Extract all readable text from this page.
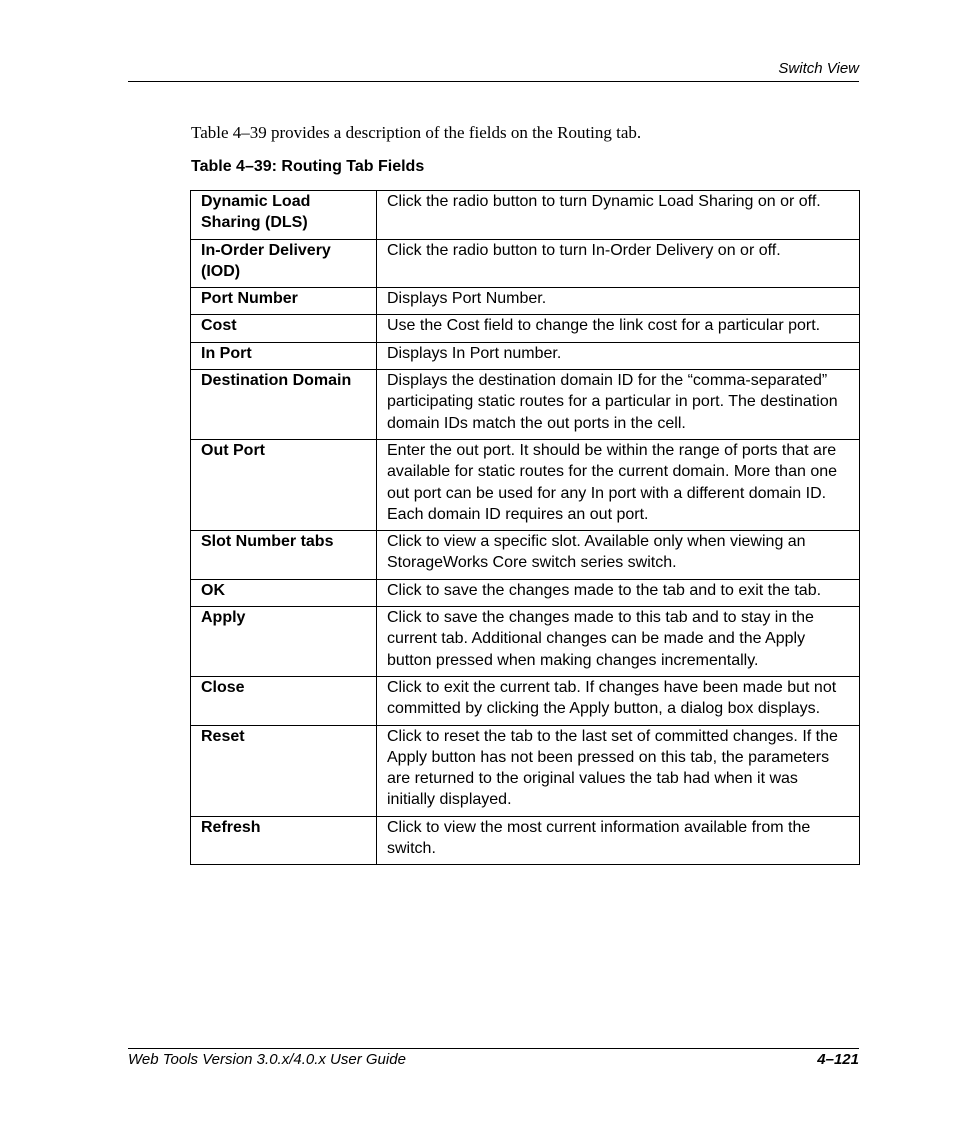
Switch View

Table 4–39 provides a description of the fields on the Routing tab.

Table 4–39: Routing Tab Fields
Dynamic Load Sharing (DLS)	Click the radio button to turn Dynamic Load Sharing on or off.
In-Order Delivery (IOD)	Click the radio button to turn In-Order Delivery on or off.
Port Number	Displays Port Number.
Cost	Use the Cost field to change the link cost for a particular port.
In Port	Displays In Port number.
Destination Domain	Displays the destination domain ID for the “comma-separated” participating static routes for a particular in port. The destination domain IDs match the out ports in the cell.
Out Port	Enter the out port. It should be within the range of ports that are available for static routes for the current domain. More than one out port can be used for any In port with a different domain ID. Each domain ID requires an out port.
Slot Number tabs	Click to view a specific slot. Available only when viewing an StorageWorks Core switch series switch.
OK	Click to save the changes made to the tab and to exit the tab.
Apply	Click to save the changes made to this tab and to stay in the current tab. Additional changes can be made and the Apply button pressed when making changes incrementally.
Close	Click to exit the current tab. If changes have been made but not committed by clicking the Apply button, a dialog box displays.
Reset	Click to reset the tab to the last set of committed changes. If the Apply button has not been pressed on this tab, the parameters are returned to the original values the tab had when it was initially displayed.
Refresh	Click to view the most current information available from the switch.
Web Tools Version 3.0.x/4.0.x User Guide	4–121
